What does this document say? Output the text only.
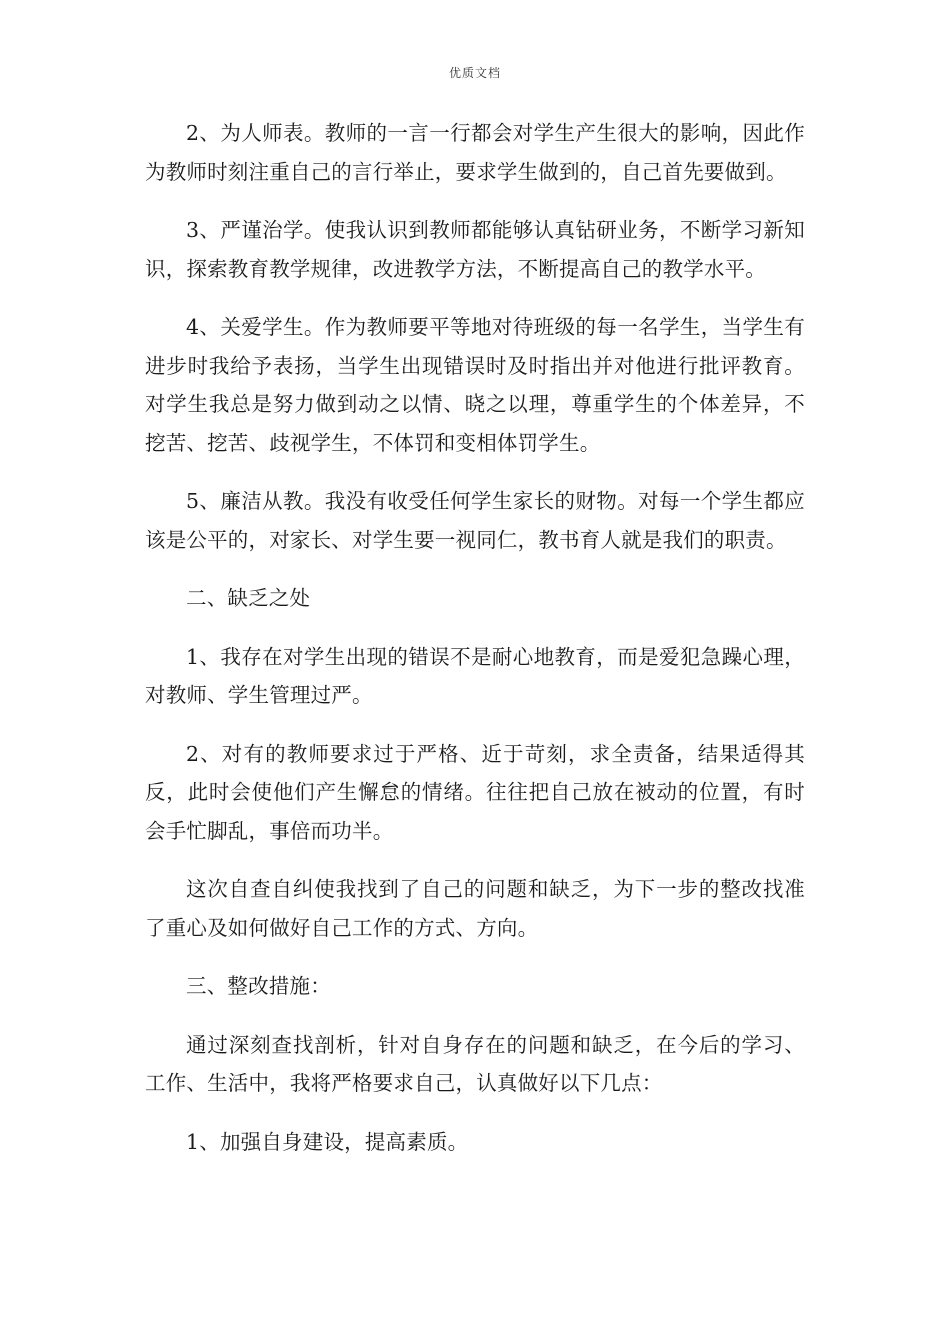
优质文档

2、为人师表。教师的一言一行都会对学生产生很大的影响，因此作为教师时刻注重自己的言行举止，要求学生做到的，自己首先要做到。

3、严谨治学。使我认识到教师都能够认真钻研业务，不断学习新知识，探索教育教学规律，改进教学方法，不断提高自己的教学水平。

4、关爱学生。作为教师要平等地对待班级的每一名学生，当学生有进步时我给予表扬，当学生出现错误时及时指出并对他进行批评教育。对学生我总是努力做到动之以情、晓之以理，尊重学生的个体差异，不挖苦、挖苦、歧视学生，不体罚和变相体罚学生。

5、廉洁从教。我没有收受任何学生家长的财物。对每一个学生都应该是公平的，对家长、对学生要一视同仁，教书育人就是我们的职责。

二、缺乏之处

1、我存在对学生出现的错误不是耐心地教育，而是爱犯急躁心理，对教师、学生管理过严。

2、对有的教师要求过于严格、近于苛刻，求全责备，结果适得其反，此时会使他们产生懈怠的情绪。往往把自己放在被动的位置，有时会手忙脚乱，事倍而功半。

这次自查自纠使我找到了自己的问题和缺乏，为下一步的整改找准了重心及如何做好自己工作的方式、方向。

三、整改措施：

通过深刻查找剖析，针对自身存在的问题和缺乏，在今后的学习、工作、生活中，我将严格要求自己，认真做好以下几点：

1、加强自身建设，提高素质。
